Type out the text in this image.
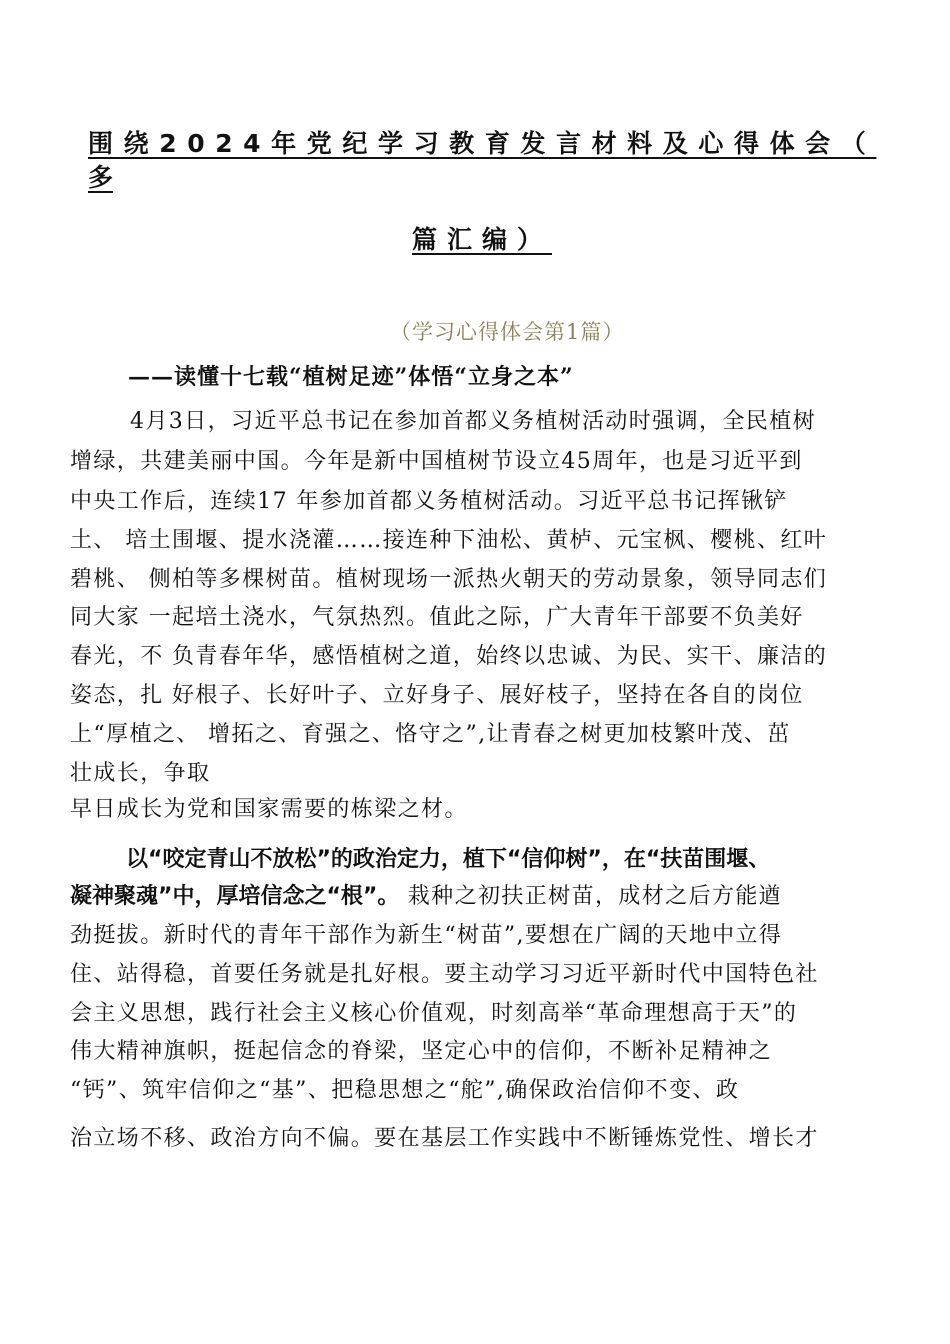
围绕2024年党纪学习教育发言材料及心得体会（
多
篇汇编）
（学习心得体会第1篇）
——读懂十七载“植树足迹”体悟“立身之本”
4月3日，习近平总书记在参加首都义务植树活动时强调，全民植树
增绿，共建美丽中国。今年是新中国植树节设立45周年，也是习近平到
中央工作后，连续17 年参加首都义务植树活动。习近平总书记挥锹铲
土、 培土围堰、提水浇灌……接连种下油松、黄栌、元宝枫、樱桃、红叶
碧桃、 侧柏等多棵树苗。植树现场一派热火朝天的劳动景象，领导同志们
同大家 一起培土浇水，气氛热烈。值此之际，广大青年干部要不负美好
春光，不 负青春年华，感悟植树之道，始终以忠诚、为民、实干、廉洁的
姿态，扎 好根子、长好叶子、立好身子、展好枝子，坚持在各自的岗位
上“厚植之、 增拓之、育强之、恪守之”,让青春之树更加枝繁叶茂、茁
壮成长，争取
早日成长为党和国家需要的栋梁之材。
以“咬定青山不放松”的政治定力，植下“信仰树”，在“扶苗围堰、
凝神聚魂”中，厚培信念之“根”。 栽种之初扶正树苗，成材之后方能遒
劲挺拔。新时代的青年干部作为新生“树苗”,要想在广阔的天地中立得
住、站得稳，首要任务就是扎好根。要主动学习习近平新时代中国特色社
会主义思想，践行社会主义核心价值观，时刻高举“革命理想高于天”的
伟大精神旗帜，挺起信念的脊梁，坚定心中的信仰，不断补足精神之
“钙”、筑牢信仰之“基”、把稳思想之“舵”,确保政治信仰不变、政
治立场不移、政治方向不偏。要在基层工作实践中不断锤炼党性、增长才
